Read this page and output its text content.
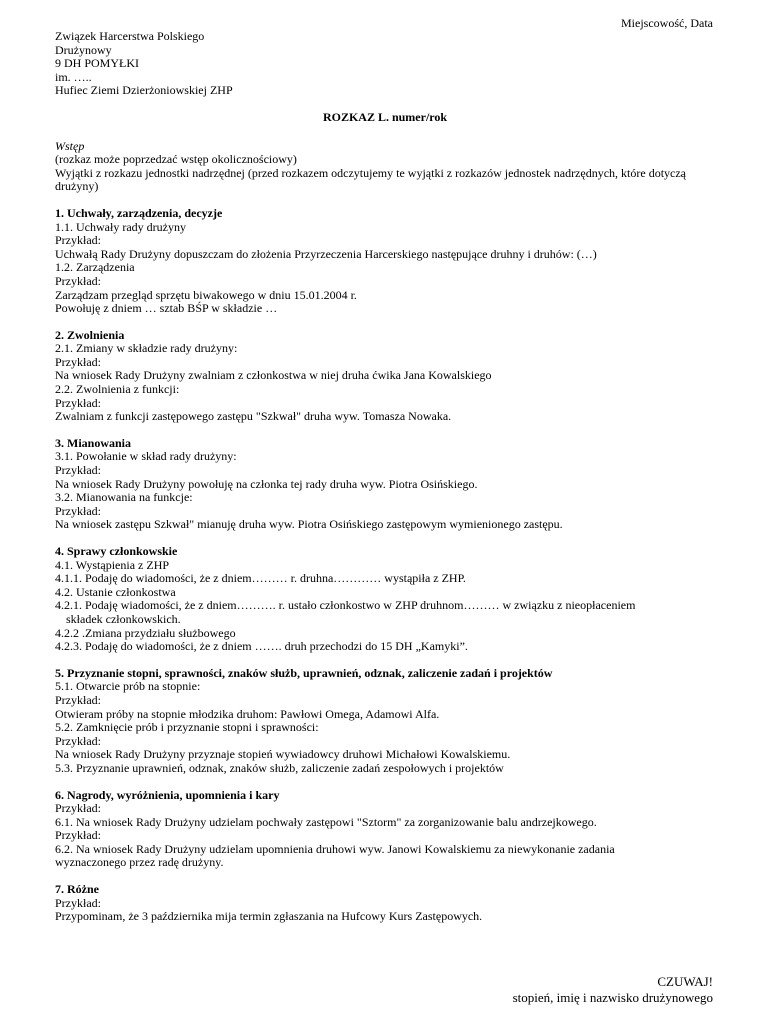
Miejscowość, Data
Związek Harcerstwa Polskiego
Drużynowy
9 DH POMYŁKI
im. …..
Hufiec Ziemi Dzierżoniowskiej ZHP
ROZKAZ L. numer/rok
Wstęp
(rozkaz może poprzedzać wstęp okolicznościowy)
Wyjątki z rozkazu jednostki nadrzędnej (przed rozkazem odczytujemy te wyjątki z rozkazów jednostek nadrzędnych, które dotyczą drużyny)
1. Uchwały, zarządzenia, decyzje
1.1. Uchwały rady drużyny
Przykład:
Uchwałą Rady Drużyny dopuszczam do złożenia Przyrzeczenia Harcerskiego następujące druhny i druhów: (…)
1.2. Zarządzenia
Przykład:
Zarządzam przegląd sprzętu biwakowego w dniu 15.01.2004 r.
Powołuję z dniem … sztab BŚP w składzie …
2. Zwolnienia
2.1. Zmiany w składzie rady drużyny:
Przykład:
Na wniosek Rady Drużyny zwalniam z członkostwa w niej druha ćwika Jana Kowalskiego
2.2. Zwolnienia z funkcji:
Przykład:
Zwalniam z funkcji zastępowego zastępu "Szkwał" druha wyw. Tomasza Nowaka.
3. Mianowania
3.1. Powołanie w skład rady drużyny:
Przykład:
Na wniosek Rady Drużyny powołuję na członka tej rady druha wyw. Piotra Osińskiego.
3.2. Mianowania na funkcje:
Przykład:
Na wniosek zastępu Szkwał" mianuję druha wyw. Piotra Osińskiego zastępowym wymienionego zastępu.
4. Sprawy członkowskie
4.1. Wystąpienia z ZHP
4.1.1. Podaję do wiadomości, że z dniem……… r. druhna………… wystąpiła z ZHP.
4.2. Ustanie członkostwa
4.2.1. Podaję wiadomości, że z dniem………. r. ustało członkostwo w ZHP druhnom……… w związku z nieopłaceniem
składek członkowskich.
4.2.2 .Zmiana przydziału służbowego
4.2.3. Podaję do wiadomości, że z dniem ……. druh przechodzi do 15 DH „Kamyki”.
5. Przyznanie stopni, sprawności, znaków służb, uprawnień, odznak, zaliczenie zadań i projektów
5.1. Otwarcie prób na stopnie:
Przykład:
Otwieram próby na stopnie młodzika druhom: Pawłowi Omega, Adamowi Alfa.
5.2. Zamknięcie prób i przyznanie stopni i sprawności:
Przykład:
Na wniosek Rady Drużyny przyznaje stopień wywiadowcy druhowi Michałowi Kowalskiemu.
5.3. Przyznanie uprawnień, odznak, znaków służb, zaliczenie zadań zespołowych i projektów
6. Nagrody, wyróżnienia, upomnienia i kary
Przykład:
6.1. Na wniosek Rady Drużyny udzielam pochwały zastępowi "Sztorm" za zorganizowanie balu andrzejkowego.
Przykład:
6.2. Na wniosek Rady Drużyny udzielam upomnienia druhowi wyw. Janowi Kowalskiemu za niewykonanie zadania
wyznaczonego przez radę drużyny.
7. Różne
Przykład:
Przypominam, że 3 października mija termin zgłaszania na Hufcowy Kurs Zastępowych.
CZUWAJ!
stopień, imię i nazwisko drużynowego
